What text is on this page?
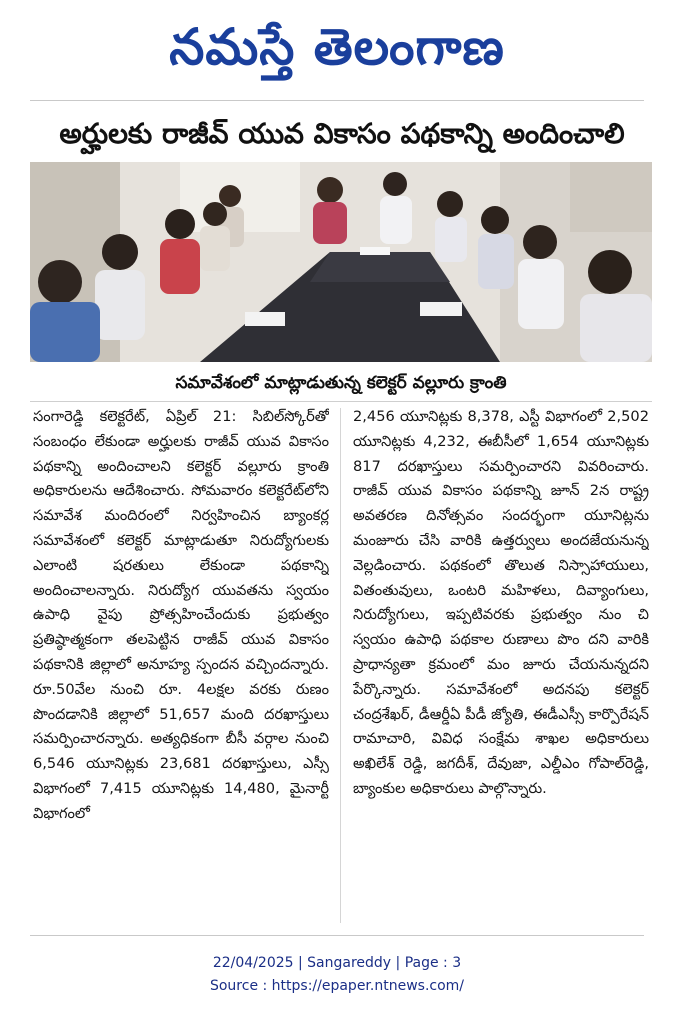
నమస్తే తెలంగాణ
అర్హులకు రాజీవ్ యువ వికాసం పథకాన్ని అందించాలి
సమావేశంలో మాట్లాడుతున్న కలెక్టర్ వల్లూరు క్రాంతి
సంగారెడ్డి కలెక్టరేట్, ఏప్రిల్ 21: సిబిల్‌స్కోర్‌తో సంబంధం లేకుండా అర్హులకు రాజీవ్ యువ వికాసం పథకాన్ని అందించాలని కలెక్టర్ వల్లూరు క్రాంతి అధికారులను ఆదేశించారు. సోమవారం కలెక్టరేట్‌లోని సమావేశ మందిరంలో నిర్వహించిన బ్యాంకర్ల సమావేశంలో కలెక్టర్ మాట్లాడుతూ నిరుద్యోగులకు ఎలాంటి షరతులు లేకుండా పథకాన్ని అందించాలన్నారు. నిరుద్యోగ యువతను స్వయం ఉపాధి వైపు ప్రోత్సహించేందుకు ప్రభుత్వం ప్రతిష్ఠాత్మకంగా తలపెట్టిన రాజీవ్ యువ వికాసం పథకానికి జిల్లాలో అనూహ్య స్పందన వచ్చిందన్నారు. రూ.50వేల నుంచి రూ. 4లక్షల వరకు రుణం పొందడానికి జిల్లాలో 51,657 మంది దరఖాస్తులు సమర్పించారన్నారు. అత్యధికంగా బీసీ వర్గాల నుంచి 6,546 యూనిట్లకు 23,681 దరఖాస్తులు, ఎస్సీ విభాగంలో 7,415 యూనిట్లకు 14,480, మైనార్టీ విభాగంలో
2,456 యూనిట్లకు 8,378, ఎస్టీ విభాగంలో 2,502 యూనిట్లకు 4,232, ఈబీసీలో 1,654 యూనిట్లకు 817 దరఖాస్తులు సమర్పించారని వివరించారు. రాజీవ్ యువ వికాసం పథకాన్ని జూన్ 2న రాష్ట్ర అవతరణ దినోత్సవం సందర్భంగా యూనిట్లను మంజూరు చేసి వారికి ఉత్తర్వులు అందజేయనున్న వెల్లడించారు. పథకంలో తొలుత నిస్సాహాయులు, వితంతువులు, ఒంటరి మహిళలు, దివ్యాంగులు, నిరుద్యోగులు, ఇప్పటివరకు ప్రభుత్వం నుం చి స్వయం ఉపాధి పథకాల రుణాలు పొం దని వారికి ప్రాధాన్యతా క్రమంలో మం జూరు చేయనున్నదని పేర్కొన్నారు. సమావేశంలో అదనపు కలెక్టర్ చంద్రశేఖర్, డీఆర్డీఏ పీడీ జ్యోతి, ఈడీఎస్సీ కార్పొరేషన్ రామాచారి, వివిధ సంక్షేమ శాఖల అధికారులు అఖిలేశ్ రెడ్డి, జగదీశ్, దేవుజా, ఎల్డీఎం గోపాల్‌రెడ్డి, బ్యాంకుల అధికారులు పాల్గొన్నారు.
22/04/2025 | Sangareddy | Page : 3
Source : https://epaper.ntnews.com/
